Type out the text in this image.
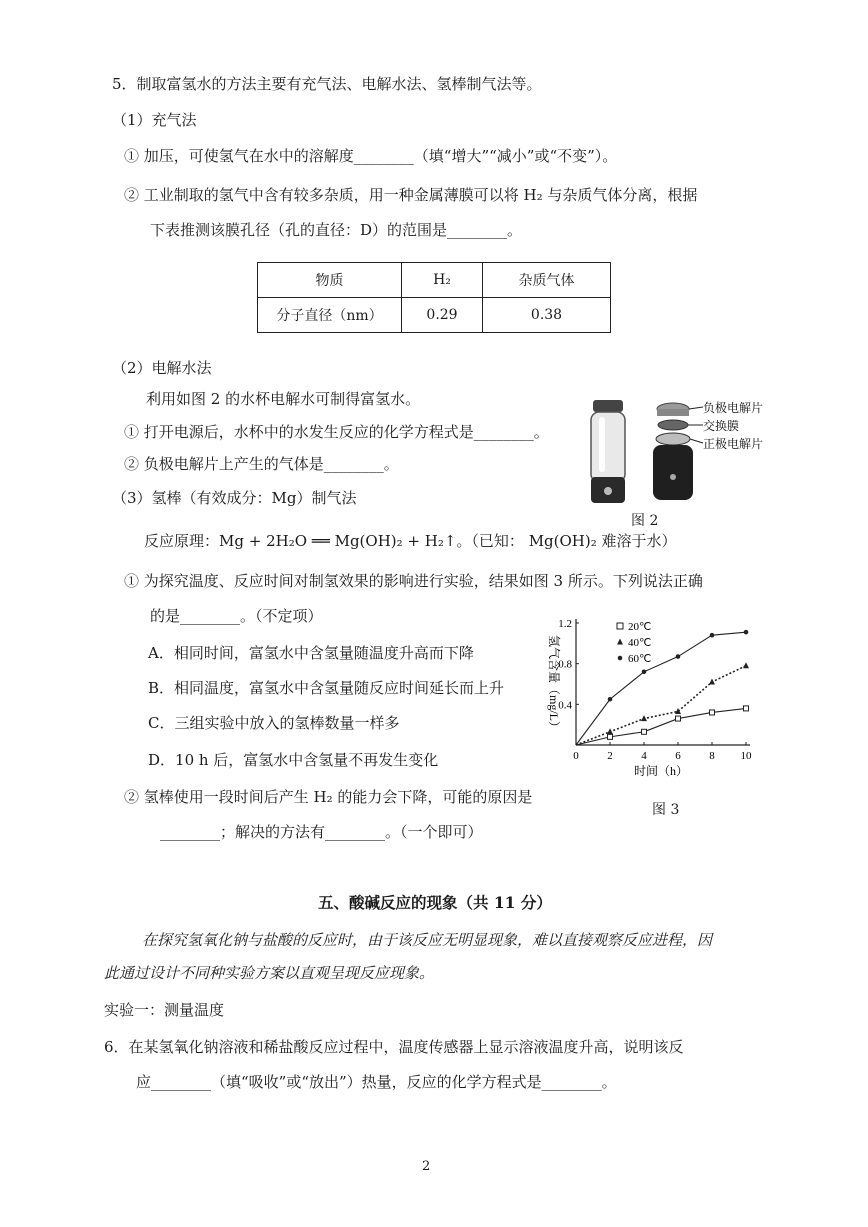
5．制取富氢水的方法主要有充气法、电解水法、氢棒制气法等。
（1）充气法
① 加压，可使氢气在水中的溶解度________（填“增大”“减小”或“不变”）。
② 工业制取的氢气中含有较多杂质，用一种金属薄膜可以将 H₂ 与杂质气体分离，根据
下表推测该膜孔径（孔的直径：D）的范围是________。
物质	H₂	杂质气体
分子直径（nm）	0.29	0.38
（2）电解水法
利用如图 2 的水杯电解水可制得富氢水。
① 打开电源后，水杯中的水发生反应的化学方程式是________。
② 负极电解片上产生的气体是________。
（3）氢棒（有效成分：Mg）制气法
负极电解片
交换膜
正极电解片
图 2
反应原理：Mg + 2H₂O ══ Mg(OH)₂ + H₂↑。（已知： Mg(OH)₂ 难溶于水）
① 为探究温度、反应时间对制氢效果的影响进行实验，结果如图 3 所示。下列说法正确
的是________。（不定项）
A．相同时间，富氢水中含氢量随温度升高而下降
B．相同温度，富氢水中含氢量随反应时间延长而上升
C．三组实验中放入的氢棒数量一样多
D．10 h 后，富氢水中含氢量不再发生变化	0	2	4	6	8 10
0.4
0.8
1.2
时间（h）
氢气含量（mg/L）
20℃
40℃
60℃
图 3
② 氢棒使用一段时间后产生 H₂ 的能力会下降，可能的原因是
________；解决的方法有________。（一个即可）
五、酸碱反应的现象（共 11 分）
在探究氢氧化钠与盐酸的反应时，由于该反应无明显现象，难以直接观察反应进程，因
此通过设计不同种实验方案以直观呈现反应现象。
实验一：测量温度
6．在某氢氧化钠溶液和稀盐酸反应过程中，温度传感器上显示溶液温度升高，说明该反
应________（填“吸收”或“放出”）热量，反应的化学方程式是________。
2
